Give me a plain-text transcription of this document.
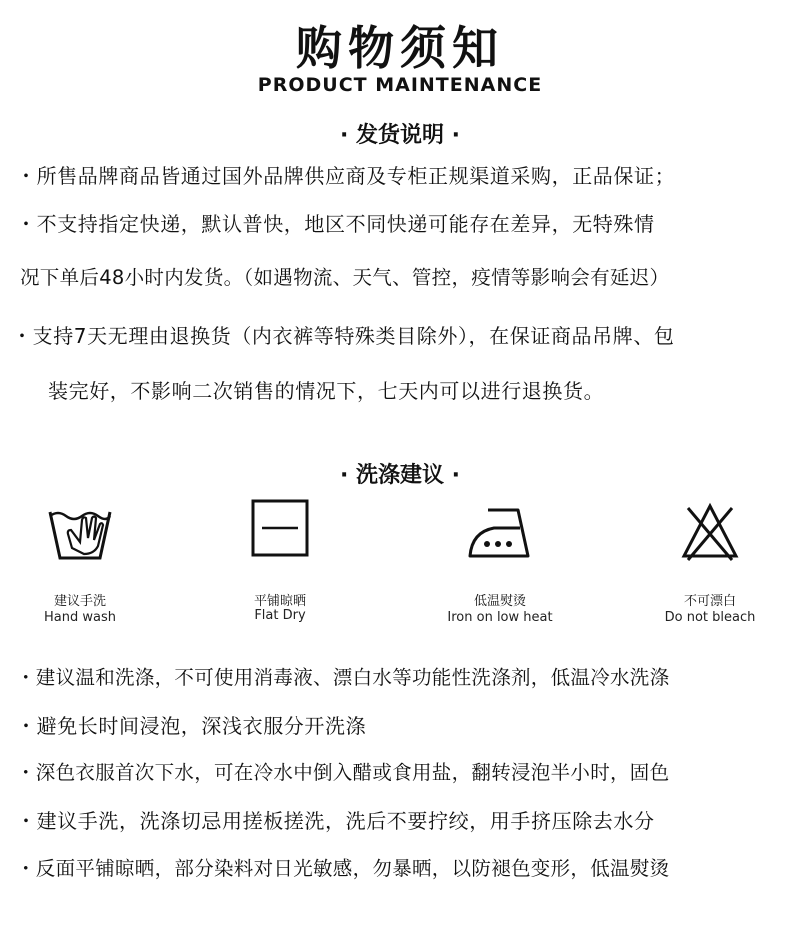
购物须知
PRODUCT MAINTENANCE
· 发货说明 ·
・所售品牌商品皆通过国外品牌供应商及专柜正规渠道采购，正品保证；
・不支持指定快递，默认普快，地区不同快递可能存在差异，无特殊情
况下单后48小时内发货。（如遇物流、天气、管控，疫情等影响会有延迟）
・支持7天无理由退换货（内衣裤等特殊类目除外），在保证商品吊牌、包
装完好，不影响二次销售的情况下，七天内可以进行退换货。
· 洗涤建议 ·
建议手洗
Hand wash
平铺晾晒
Flat Dry
低温熨烫
Iron on low heat
不可漂白
Do not bleach
・建议温和洗涤，不可使用消毒液、漂白水等功能性洗涤剂，低温冷水洗涤
・避免长时间浸泡，深浅衣服分开洗涤
・深色衣服首次下水，可在冷水中倒入醋或食用盐，翻转浸泡半小时，固色
・建议手洗，洗涤切忌用搓板搓洗，洗后不要拧绞，用手挤压除去水分
・反面平铺晾晒，部分染料对日光敏感，勿暴晒，以防褪色变形，低温熨烫
